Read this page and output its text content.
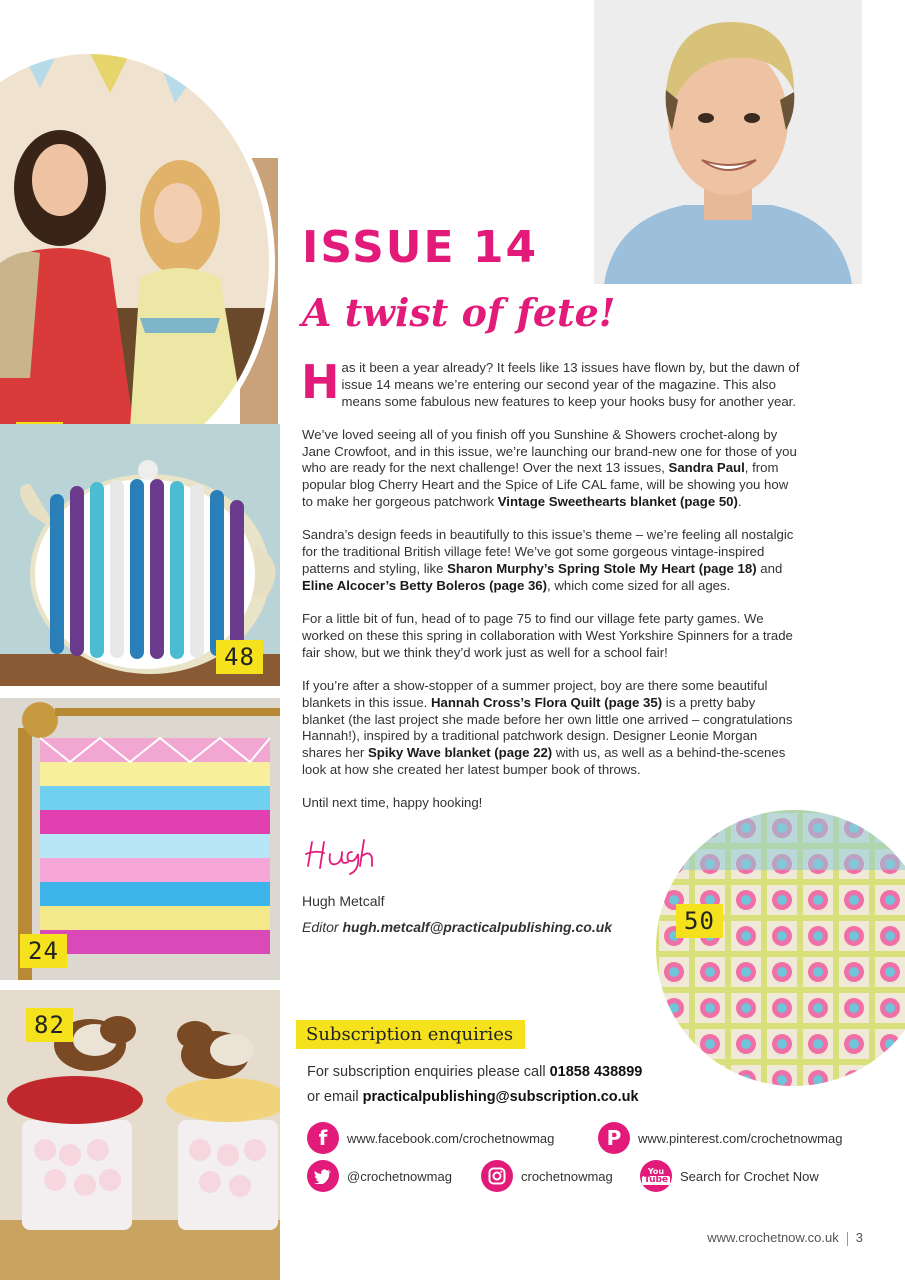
48
24
82
ISSUE 14
A twist of fete!

Has it been a year already? It feels like 13 issues have flown by, but the dawn of issue 14 means we’re entering our second year of the magazine. This also means some fabulous new features to keep your hooks busy for another year.

We’ve loved seeing all of you finish off you Sunshine & Showers crochet-along by Jane Crowfoot, and in this issue, we’re launching our brand-new one for those of you who are ready for the next challenge! Over the next 13 issues, Sandra Paul, from popular blog Cherry Heart and the Spice of Life CAL fame, will be showing you how to make her gorgeous patchwork Vintage Sweethearts blanket (page 50).

Sandra’s design feeds in beautifully to this issue’s theme – we’re feeling all nostalgic for the traditional British village fete! We’ve got some gorgeous vintage-inspired patterns and styling, like Sharon Murphy’s Spring Stole My Heart (page 18) and Eline Alcocer’s Betty Boleros (page 36), which come sized for all ages.

For a little bit of fun, head of to page 75 to find our village fete party games. We worked on these this spring in collaboration with West Yorkshire Spinners for a trade fair show, but we think they’d work just as well for a school fair!

If you’re after a show-stopper of a summer project, boy are there some beautiful blankets in this issue. Hannah Cross’s Flora Quilt (page 35) is a pretty baby blanket (the last project she made before her own little one arrived – congratulations Hannah!), inspired by a traditional patchwork design. Designer Leonie Morgan shares her Spiky Wave blanket (page 22) with us, as well as a behind-the-scenes look at how she created her latest bumper book of throws.

Until next time, happy hooking!

Hugh Metcalf
Editor hugh.metcalf@practicalpublishing.co.uk	50
Subscription enquiries
For subscription enquiries please call 01858 438899
or email practicalpublishing@subscription.co.uk
f	www.facebook.com/crochetnowmag	P	www.pinterest.com/crochetnowmag
@crochetnowmag	crochetnowmag	You
Tube Search for Crochet Now
www.crochetnow.co.uk 3
